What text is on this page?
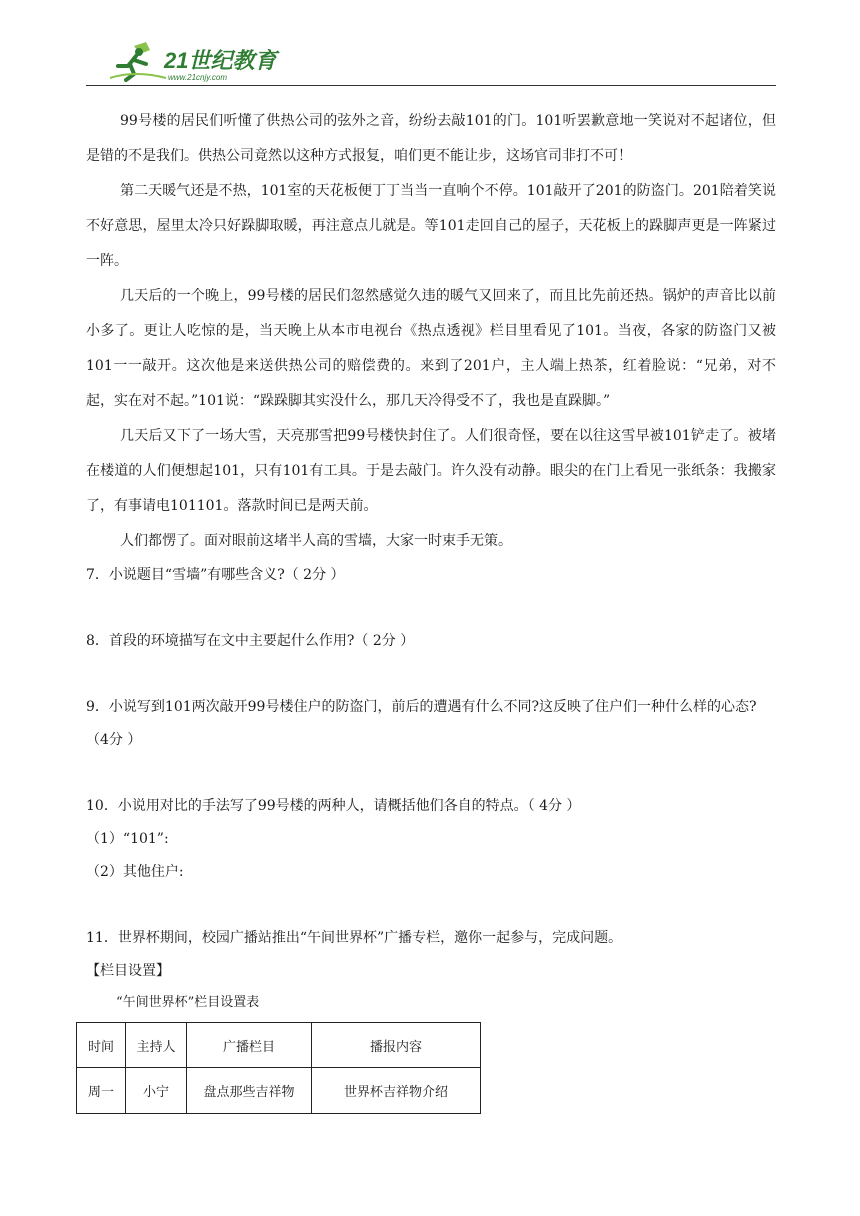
21世纪教育
www.21cnjy.com

99号楼的居民们听懂了供热公司的弦外之音，纷纷去敲101的门。101听罢歉意地一笑说对不起诸位，但是错的不是我们。供热公司竟然以这种方式报复，咱们更不能让步，这场官司非打不可！

第二天暖气还是不热，101室的天花板便丁丁当当一直响个不停。101敲开了201的防盗门。201陪着笑说不好意思，屋里太冷只好跺脚取暖，再注意点儿就是。等101走回自己的屋子，天花板上的跺脚声更是一阵紧过一阵。

几天后的一个晚上，99号楼的居民们忽然感觉久违的暖气又回来了，而且比先前还热。锅炉的声音比以前小多了。更让人吃惊的是，当天晚上从本市电视台《热点透视》栏目里看见了101。当夜，各家的防盗门又被101一一敲开。这次他是来送供热公司的赔偿费的。来到了201户，主人端上热茶，红着脸说：“兄弟，对不起，实在对不起。”101说：“跺跺脚其实没什么，那几天冷得受不了，我也是直跺脚。”

几天后又下了一场大雪，天亮那雪把99号楼快封住了。人们很奇怪，要在以往这雪早被101铲走了。被堵在楼道的人们便想起101，只有101有工具。于是去敲门。许久没有动静。眼尖的在门上看见一张纸条：我搬家了，有事请电101101。落款时间已是两天前。

人们都愣了。面对眼前这堵半人高的雪墙，大家一时束手无策。

7．小说题目“雪墙”有哪些含义?（ 2分 ）

8．首段的环境描写在文中主要起什么作用?（ 2分 ）

9．小说写到101两次敲开99号楼住户的防盗门，前后的遭遇有什么不同?这反映了住户们一种什么样的心态?（4分 ）

10．小说用对比的手法写了99号楼的两种人，请概括他们各自的特点。（ 4分 ）

（1）“101”:

（2）其他住户:

11．世界杯期间，校园广播站推出“午间世界杯”广播专栏，邀你一起参与，完成问题。

【栏目设置】

“午间世界杯”栏目设置表

时间	主持人	广播栏目	播报内容
周一	小宁	盘点那些吉祥物	世界杯吉祥物介绍
